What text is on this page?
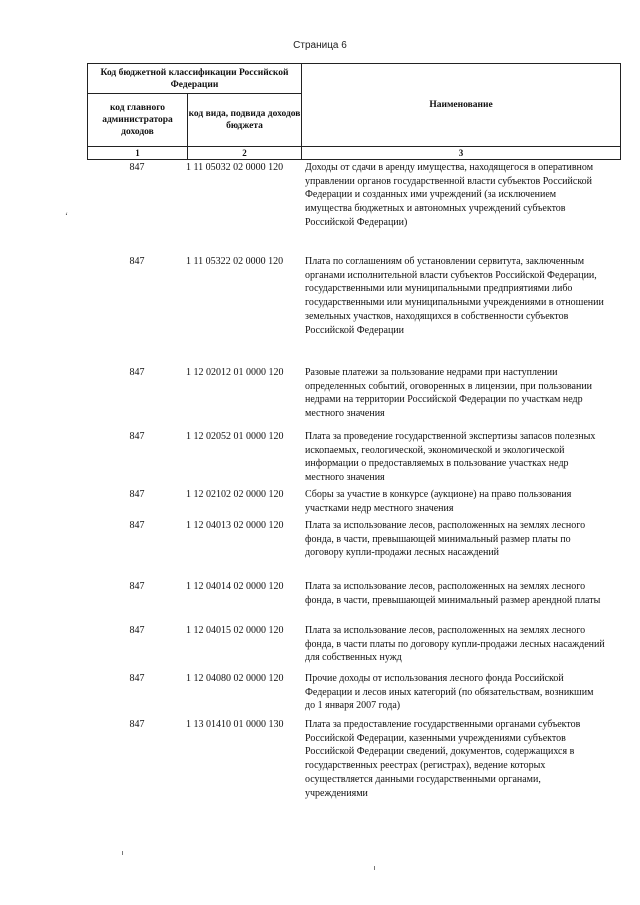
Страница 6
Код бюджетной классификации Российской Федерации
код главного администратора доходов
код вида, подвида доходов бюджета
Наименование
1	2	3
847	1 11 05032 02 0000 120	Доходы от сдачи в аренду имущества, находящегося в оперативном управлении органов государственной власти субъектов Российской Федерации и созданных ими учреждений (за исключением имущества бюджетных и автономных учреждений субъектов Российской Федерации)
847	1 11 05322 02 0000 120	Плата по соглашениям об установлении сервитута, заключенным органами исполнительной власти субъектов Российской Федерации, государственными или муниципальными предприятиями либо государственными или муниципальными учреждениями в отношении земельных участков, находящихся в собственности субъектов Российской Федерации
847	1 12 02012 01 0000 120	Разовые платежи за пользование недрами при наступлении определенных событий, оговоренных в лицензии, при пользовании недрами на территории Российской Федерации по участкам недр местного значения
847	1 12 02052 01 0000 120	Плата за проведение государственной экспертизы запасов полезных ископаемых, геологической, экономической и экологической информации о предоставляемых в пользование участках недр местного значения
847	1 12 02102 02 0000 120	Сборы за участие в конкурсе (аукционе) на право пользования участками недр местного значения
847	1 12 04013 02 0000 120	Плата за использование лесов, расположенных на землях лесного фонда, в части, превышающей минимальный размер платы по договору купли-продажи лесных насаждений
847	1 12 04014 02 0000 120	Плата за использование лесов, расположенных на землях лесного фонда, в части, превышающей минимальный размер арендной платы
847	1 12 04015 02 0000 120	Плата за использование лесов, расположенных на землях лесного фонда, в части платы по договору купли-продажи лесных насаждений для собственных нужд
847	1 12 04080 02 0000 120	Прочие доходы от использования лесного фонда Российской Федерации и лесов иных категорий (по обязательствам, возникшим до 1 января 2007 года)
847	1 13 01410 01 0000 130	Плата за предоставление государственными органами субъектов Российской Федерации, казенными учреждениями субъектов Российской Федерации сведений, документов, содержащихся в государственных реестрах (регистрах), ведение которых осуществляется данными государственными органами, учреждениями
‘
